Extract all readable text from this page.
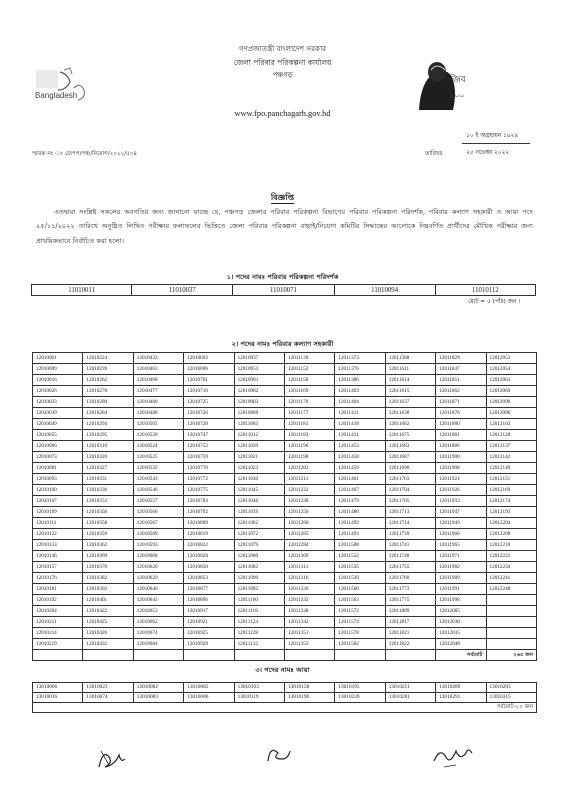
Bangladesh
গণপ্রজাতন্ত্রী বাংলাদেশ সরকার
জেলা পরিবার পরিকল্পনা কার্যালয়
পঞ্চগড়	মুজিব
১০০
www.fpo.panchagarh.gov.bd
স্মারক নং ঃ জেপপ/পঞ্চ/নিয়োগ/২০২২/৫০৪
১০ ই অগ্রহায়ন ১৪২৯
তারিখঃ	২৫ নভেম্বর ২০২২
বিজ্ঞপ্তি
এতদ্বারা সংশ্লিষ্ট সকলের অবগতির জন্য জানানো যাচ্ছে যে, পঞ্চগড় জেলার পরিবার পরিকল্পনা বিভাগের পরিবার পরিকল্পনা পরিদর্শক, পরিবার কল্যাণ সহকারী ও আয়া পদে ২৫/১১/২০২২ তারিখে অনুষ্ঠিত লিখিত পরীক্ষার ফলাফলের ভিত্তিতে জেলা পরিবার পরিকল্পনা বাছাই/নিয়োগ কমিটির সিদ্ধান্তের আলোকে নিম্নবর্ণিত প্রার্থীদের মৌখিক পরীক্ষার জন্য প্রাথমিকভাবে নির্বাচিত করা হলো।
১। পদের নামঃ পরিবার পরিকল্পনা পরিদর্শক
11010011	11010037	11010071	11010094	11010112
মোট = ৫ (পাঁচ) জন ।
২। পদের নামঃ পরিবার কল্যাণ সহকারী
12010001	12010224	12010433	12010692	12010937	12011139	12011373	12011588	12011829	12012053
12010009	12010239	12010463	12010696	12010953	12011152	12011376	12011611	12011847	12012054
12010016	12010262	12010468	12010701	12010981	12011158	12011380	12011614	12011851	12012063
12010026	12010278	12010477	12010710	12010982	12011169	12011403	12011615	12011862	12012069
12010033	12010280	12010480	12010725	12010983	12011170	12011404	12011637	12011871	12012090
12010039	12010284	12010488	12010726	12010989	12011177	12011411	12011638	12011878	12012096
12010049	12010294	12010505	12010728	12011003	12011181	12011418	12011662	12011880	12012103
12010055	12010295	12010520	12010747	12011012	12011183	12011431	12011675	12011881	12012128
12010066	12010316	12010524	12010752	12011020	12011196	12011453	12011683	12011886	12012137
12010073	12010320	12010525	12010759	12011021	12011198	12011458	12011687	12011900	12012142
12010081	12010327	12010532	12010770	12011023	12011203	12011459	12011690	12011908	12012149
12010093	12010331	12010543	12010772	12011030	12011211	12011461	12011703	12011924	12012151
12010100	12010336	12010546	12010775	12011045	12011222	12011467	12011704	12011926	12012169
12010107	12010353	12010557	12010783	12011046	12011238	12011479	12011705	12011933	12012174
12010109	12010356	12010566	12010792	12011059	12011250	12011480	12011713	12011947	12012193
12010111	12010358	12010567	12010809	12011062	12011260	12011492	12011714	12011949	12012204
12010122	12010359	12010589	12010819	12011072	12011265	12011493	12011739	12011960	12012208
12010133	12010362	12010593	12010822	12011079	12011284	12011508	12011741	12011965	12012218
12010146	12010369	12010608	12010828	12011080	12011309	12011522	12011748	12011971	12012222
12010157	12010370	12010620	12010850	12011082	12011311	12011535	12011755	12011982	12012234
12010176	12010382	12010629	12010853	12011090	12011316	12011539	12011760	12011989	12012241
12010181	12010392	12010640	12010877	12011092	12011326	12011560	12011773	12011991	12012248
12010192	12010401	12010643	12010896	12011100	12011332	12011563	12011775	12011998	
12010204	12010422	12010653	12010917	12011118	12011338	12011572	12011809	12012005	
12010211	12010425	12010662	12010921	12011124	12011342	12011574	12011817	12012030	
12010214	12010426	12010674	12010925	12011128	12011351	12011578	12011821	12012035	
12010219	12010432	12010684	12010928	12011132	12011353	12011582	12011822	12012048	
								সর্বমোট	২৬৫ জন
৩। পদের নামঃ আয়া
13010006	13010023	13010082	13010085	13010103	13010158	13010195	13010251	13010289	13010295
13010016	13010074	13010083	13010086	13010119	13010190	13010239	13010281	13010291	13010315
সর্বমোট-২০ জন									
